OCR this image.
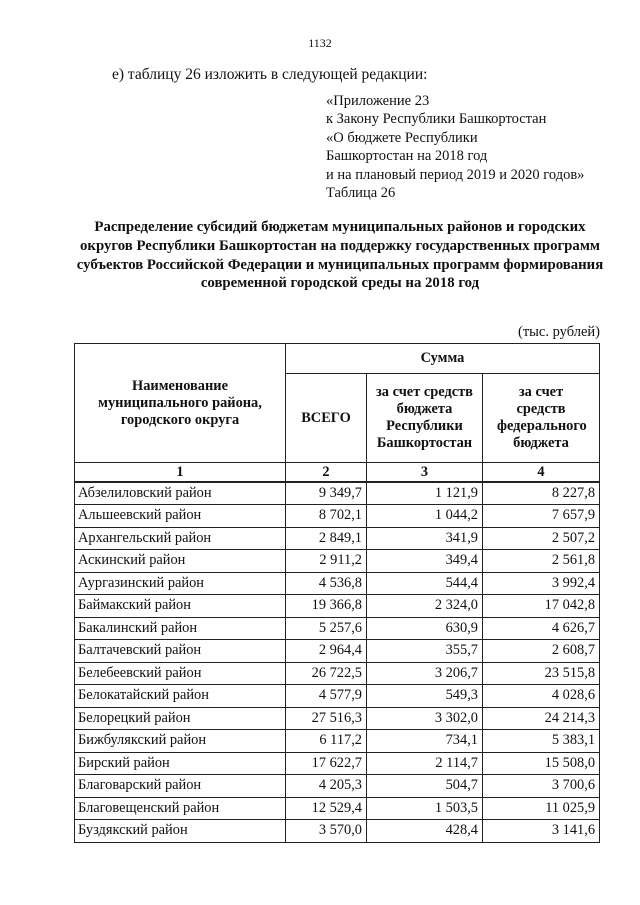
1132
е) таблицу 26 изложить в следующей редакции:
«Приложение 23
к Закону Республики Башкортостан
«О бюджете Республики
Башкортостан на 2018 год
и на плановый период 2019 и 2020 годов»
Таблица 26
Распределение субсидий бюджетам муниципальных районов и городских округов Республики Башкортостан на поддержку государственных программ субъектов Российской Федерации и муниципальных программ формирования современной городской среды на 2018 год
(тыс. рублей)
Наименование муниципального района, городского округа	Сумма		
	ВСЕГО	за счет средств бюджета Республики Башкортостан	за счет средств федерального бюджета
1	2	3	4
Абзелиловский район	9 349,7	1 121,9	8 227,8
Альшеевский район	8 702,1	1 044,2	7 657,9
Архангельский район	2 849,1	341,9	2 507,2
Аскинский район	2 911,2	349,4	2 561,8
Аургазинский район	4 536,8	544,4	3 992,4
Баймакский район	19 366,8	2 324,0	17 042,8
Бакалинский район	5 257,6	630,9	4 626,7
Балтачевский район	2 964,4	355,7	2 608,7
Белебеевский район	26 722,5	3 206,7	23 515,8
Белокатайский район	4 577,9	549,3	4 028,6
Белорецкий район	27 516,3	3 302,0	24 214,3
Бижбулякский район	6 117,2	734,1	5 383,1
Бирский район	17 622,7	2 114,7	15 508,0
Благоварский район	4 205,3	504,7	3 700,6
Благовещенский район	12 529,4	1 503,5	11 025,9
Буздякский район	3 570,0	428,4	3 141,6
